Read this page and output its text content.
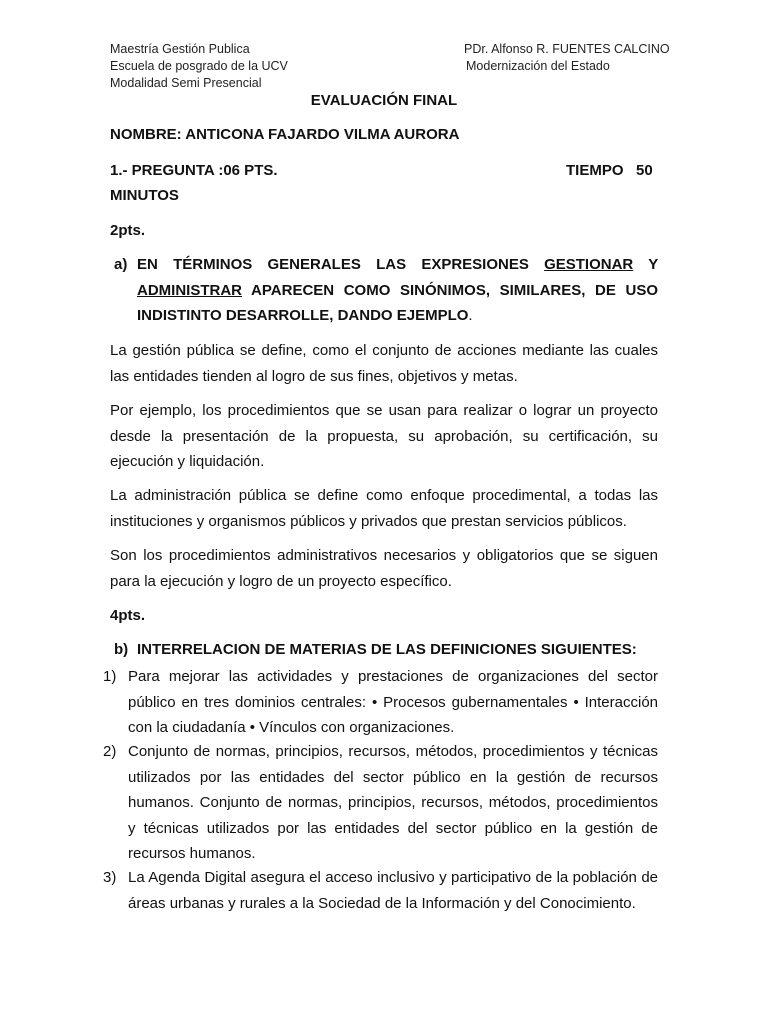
Maestría Gestión Publica
Escuela de posgrado de la UCV
Modalidad Semi Presencial
PDr. Alfonso R. FUENTES CALCINO
Modernización del Estado
EVALUACIÓN FINAL
NOMBRE: ANTICONA FAJARDO VILMA AURORA
1.- PREGUNTA :06 PTS.	TIEMPO   50
MINUTOS
2pts.
a) EN TÉRMINOS GENERALES LAS EXPRESIONES GESTIONAR Y ADMINISTRAR APARECEN COMO SINÓNIMOS, SIMILARES, DE USO INDISTINTO DESARROLLE, DANDO EJEMPLO.
La gestión pública se define, como el conjunto de acciones mediante las cuales las entidades tienden al logro de sus fines, objetivos y metas.
Por ejemplo, los procedimientos que se usan para realizar o lograr un proyecto desde la presentación de la propuesta, su aprobación, su certificación, su ejecución y liquidación.
La administración pública se define como enfoque procedimental, a todas las instituciones y organismos públicos y privados que prestan servicios públicos.
Son los procedimientos administrativos necesarios y obligatorios que se siguen para la ejecución y logro de un proyecto específico.
4pts.
b) INTERRELACION DE MATERIAS DE LAS DEFINICIONES SIGUIENTES:
1) Para mejorar las actividades y prestaciones de organizaciones del sector público en tres dominios centrales: • Procesos gubernamentales • Interacción con la ciudadanía • Vínculos con organizaciones.
2) Conjunto de normas, principios, recursos, métodos, procedimientos y técnicas utilizados por las entidades del sector público en la gestión de recursos humanos. Conjunto de normas, principios, recursos, métodos, procedimientos y técnicas utilizados por las entidades del sector público en la gestión de recursos humanos.
3) La Agenda Digital asegura el acceso inclusivo y participativo de la población de áreas urbanas y rurales a la Sociedad de la Información y del Conocimiento.
